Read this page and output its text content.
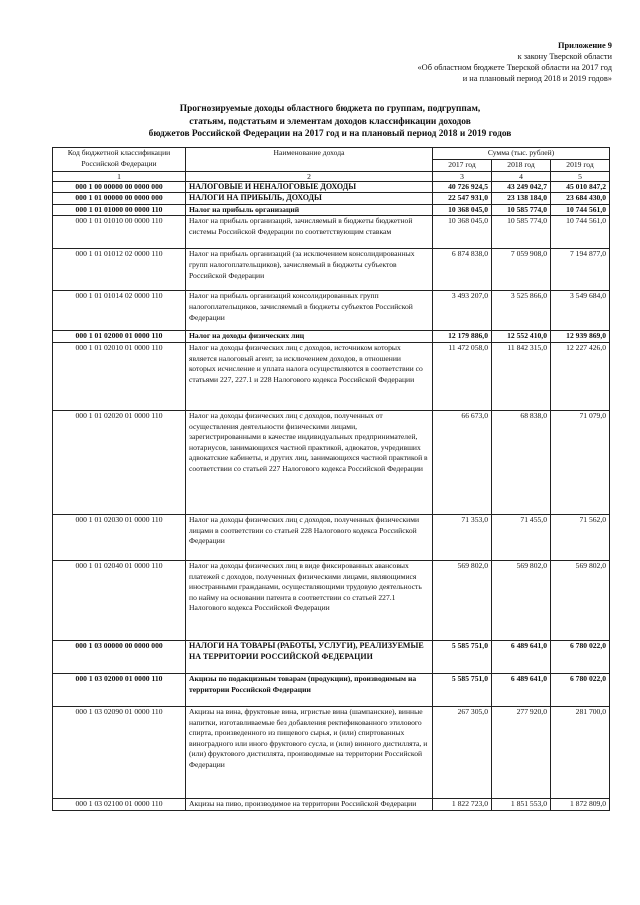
Приложение 9
к закону Тверской области
«Об областном бюджете Тверской области на 2017 год
и на плановый период 2018 и 2019 годов»
Прогнозируемые доходы областного бюджета по группам, подгруппам,
статьям, подстатьям и элементам доходов классификации доходов
бюджетов Российской Федерации на 2017 год и на плановый период 2018 и 2019 годов
Код бюджетной классификации Российской Федерации	Наименование дохода	Сумма (тыс. рублей)		
		2017 год	2018 год	2019 год
1	2	3	4	5
000 1 00 00000 00 0000 000	НАЛОГОВЫЕ И НЕНАЛОГОВЫЕ ДОХОДЫ	40 726 924,5	43 249 042,7	45 010 847,2
000 1 01 00000 00 0000 000	НАЛОГИ НА ПРИБЫЛЬ, ДОХОДЫ	22 547 931,0	23 138 184,0	23 684 430,0
000 1 01 01000 00 0000 110	Налог на прибыль организаций	10 368 045,0	10 585 774,0	10 744 561,0
000 1 01 01010 00 0000 110	Налог на прибыль организаций, зачисляемый в бюджеты бюджетной системы Российской Федерации по соответствующим ставкам	10 368 045,0	10 585 774,0	10 744 561,0
000 1 01 01012 02 0000 110	Налог на прибыль организаций (за исключением консолидированных групп налогоплательщиков), зачисляемый в бюджеты субъектов Российской Федерации	6 874 838,0	7 059 908,0	7 194 877,0
000 1 01 01014 02 0000 110	Налог на прибыль организаций консолидированных групп налогоплательщиков, зачисляемый в бюджеты субъектов Российской Федерации	3 493 207,0	3 525 866,0	3 549 684,0
000 1 01 02000 01 0000 110	Налог на доходы физических лиц	12 179 886,0	12 552 410,0	12 939 869,0
000 1 01 02010 01 0000 110	Налог на доходы физических лиц с доходов, источником которых является налоговый агент, за исключением доходов, в отношении которых исчисление и уплата налога осуществляются в соответствии со статьями 227, 227.1 и 228 Налогового кодекса Российской Федерации	11 472 058,0	11 842 315,0	12 227 426,0
000 1 01 02020 01 0000 110	Налог на доходы физических лиц с доходов, полученных от осуществления деятельности физическими лицами, зарегистрированными в качестве индивидуальных предпринимателей, нотариусов, занимающихся частной практикой, адвокатов, учредивших адвокатские кабинеты, и других лиц, занимающихся частной практикой в соответствии со статьей 227 Налогового кодекса Российской Федерации	66 673,0	68 838,0	71 079,0
000 1 01 02030 01 0000 110	Налог на доходы физических лиц с доходов, полученных физическими лицами в соответствии со статьей 228 Налогового кодекса Российской Федерации	71 353,0	71 455,0	71 562,0
000 1 01 02040 01 0000 110	Налог на доходы физических лиц в виде фиксированных авансовых платежей с доходов, полученных физическими лицами, являющимися иностранными гражданами, осуществляющими трудовую деятельность по найму на основании патента в соответствии со статьей 227.1 Налогового кодекса Российской Федерации	569 802,0	569 802,0	569 802,0
000 1 03 00000 00 0000 000	НАЛОГИ НА ТОВАРЫ (РАБОТЫ, УСЛУГИ), РЕАЛИЗУЕМЫЕ НА ТЕРРИТОРИИ РОССИЙСКОЙ ФЕДЕРАЦИИ	5 585 751,0	6 489 641,0	6 780 022,0
000 1 03 02000 01 0000 110	Акцизы по подакцизным товарам (продукции), производимым на территории Российской Федерации	5 585 751,0	6 489 641,0	6 780 022,0
000 1 03 02090 01 0000 110	Акцизы на вина, фруктовые вина, игристые вина (шампанские), винные напитки, изготавливаемые без добавления ректификованного этилового спирта, произведенного из пищевого сырья, и (или) спиртованных виноградного или иного фруктового сусла, и (или) винного дистиллята, и (или) фруктового дистиллята, производимые на территории Российской Федерации	267 305,0	277 920,0	281 700,0
000 1 03 02100 01 0000 110	Акцизы на пиво, производимое на территории Российской Федерации	1 822 723,0	1 851 553,0	1 872 809,0
